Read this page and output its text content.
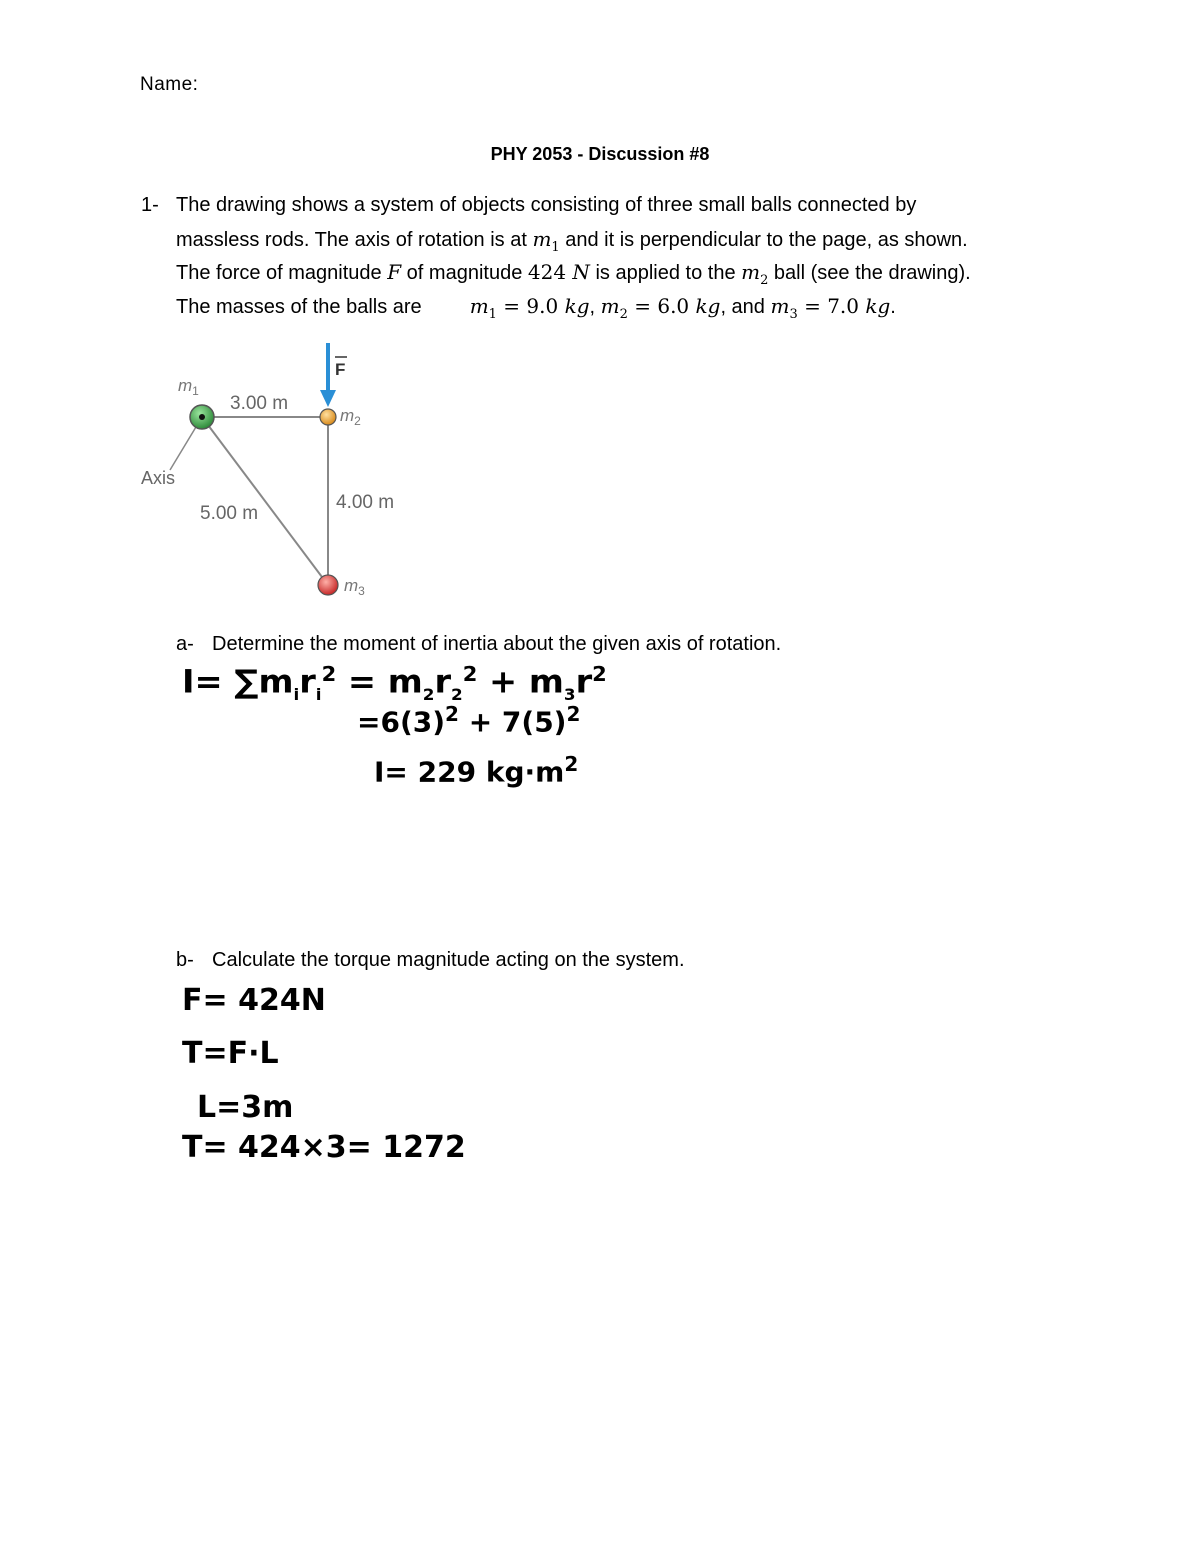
Name:
PHY 2053 - Discussion #8
1- The drawing shows a system of objects consisting of three small balls connected by
massless rods. The axis of rotation is at $m_1$ and it is perpendicular to the page, as shown.
The force of magnitude F of magnitude 424 N is applied to the $m_2$ ball (see the drawing).
The masses of the balls are $m_1 = 9.0$ kg, $m_2 = 6.0$ kg, and $m_3 = 7.0$ kg.
F
$m_1$
$m_2$
$m_3$
3.00 m
4.00 m
5.00 m
Axis
a- Determine the moment of inertia about the given axis of rotation.
$I= \sum m_ir_i^2 = m_2r_2^2 + m_3r^2$
$=6(3)^2 + 7(5)^2$
I= 229 $kg\cdot m^2$
b- Calculate the torque magnitude acting on the system.
F= 424N
T=F·L
L=3m
T= 424×3= 1272
